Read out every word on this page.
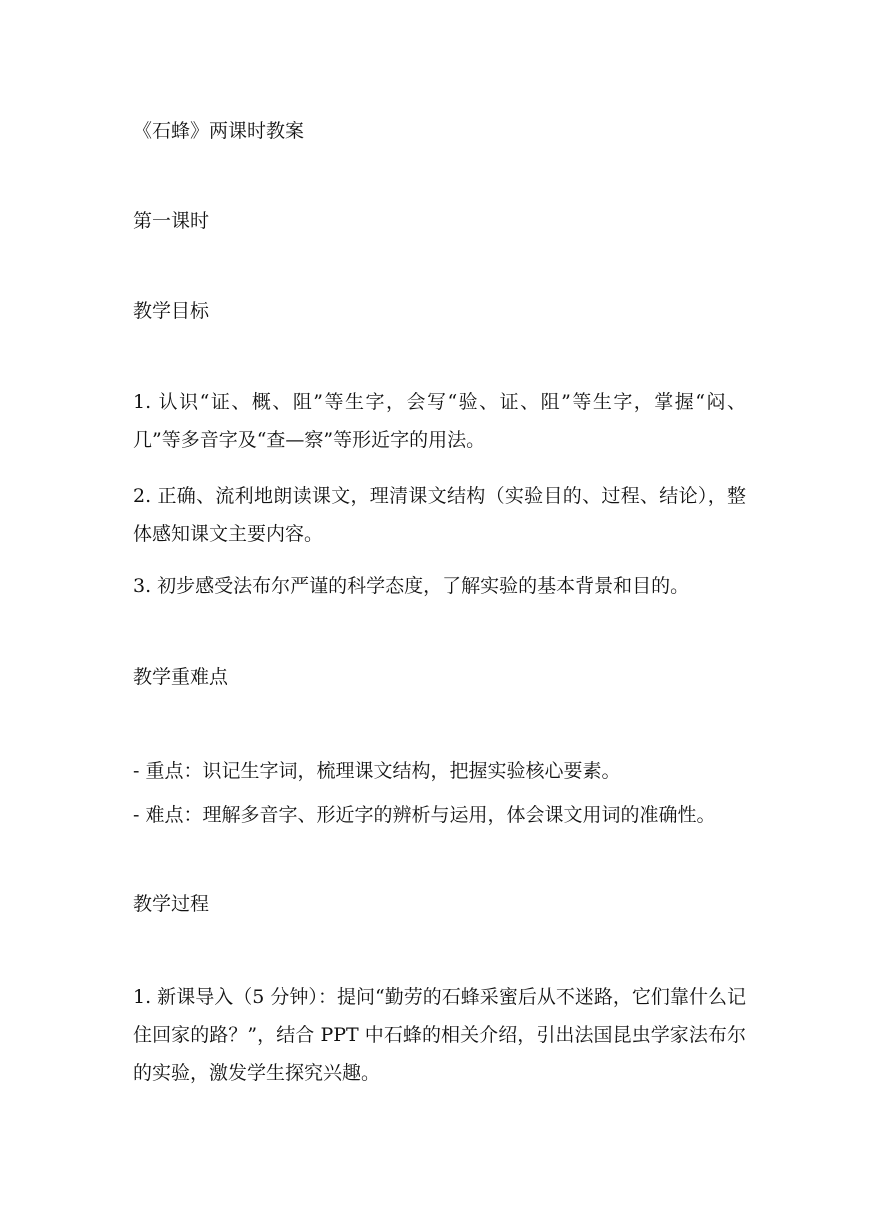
《石蜂》两课时教案
第一课时
教学目标
1. 认识“证、概、阻”等生字，会写“验、证、阻”等生字，掌握“闷、几”等多音字及“查—察”等形近字的用法。
2. 正确、流利地朗读课文，理清课文结构（实验目的、过程、结论），整体感知课文主要内容。
3. 初步感受法布尔严谨的科学态度，了解实验的基本背景和目的。
教学重难点
- 重点：识记生字词，梳理课文结构，把握实验核心要素。
- 难点：理解多音字、形近字的辨析与运用，体会课文用词的准确性。
教学过程
1. 新课导入（5 分钟）：提问“勤劳的石蜂采蜜后从不迷路，它们靠什么记住回家的路？”，结合 PPT 中石蜂的相关介绍，引出法国昆虫学家法布尔的实验，激发学生探究兴趣。
